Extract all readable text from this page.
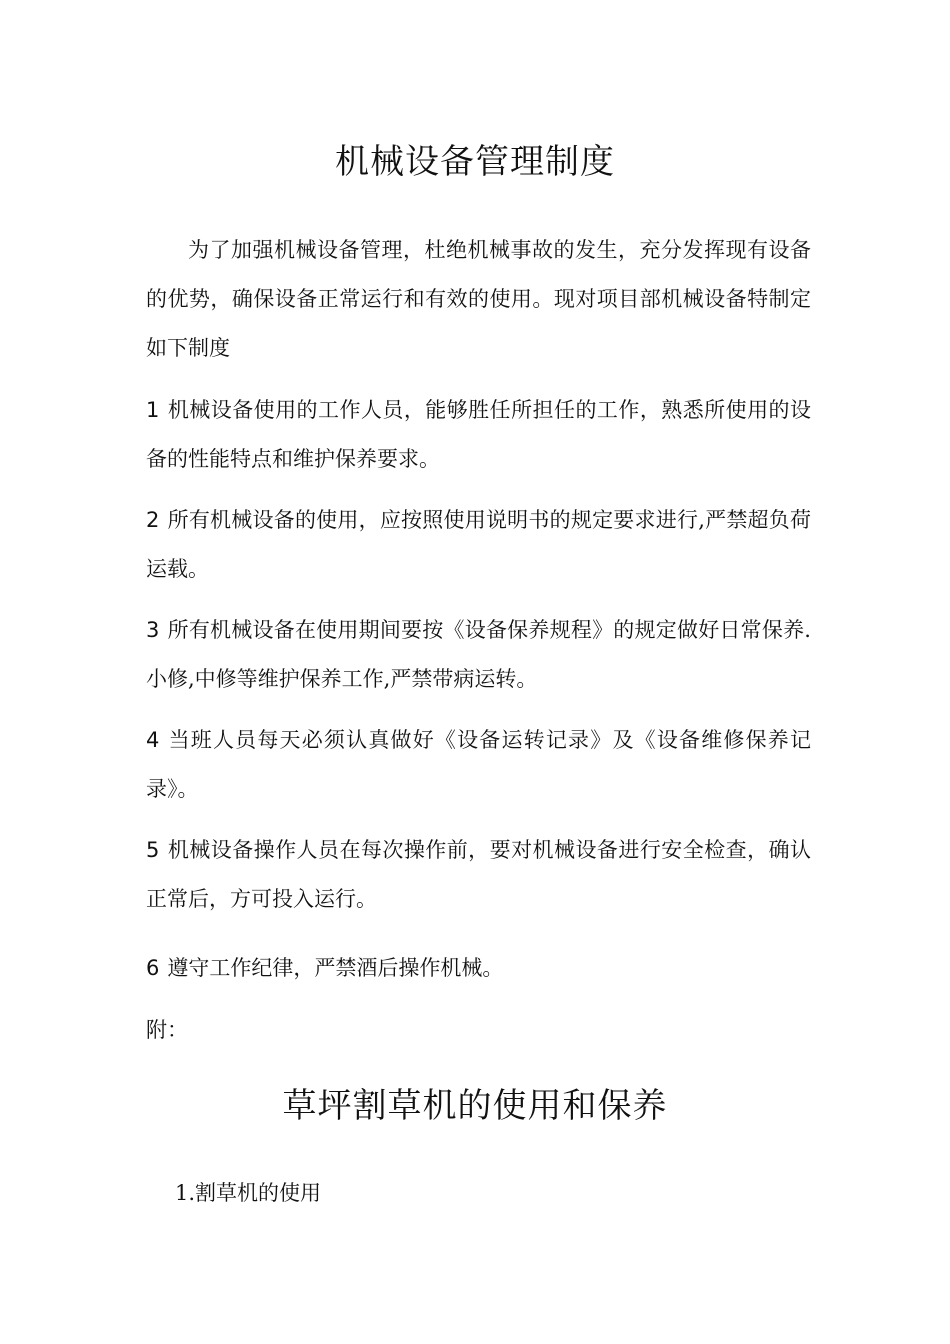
机械设备管理制度

为了加强机械设备管理，杜绝机械事故的发生，充分发挥现有设备的优势，确保设备正常运行和有效的使用。现对项目部机械设备特制定如下制度

1 机械设备使用的工作人员，能够胜任所担任的工作，熟悉所使用的设备的性能特点和维护保养要求。

2 所有机械设备的使用，应按照使用说明书的规定要求进行,严禁超负荷运载。

3 所有机械设备在使用期间要按《设备保养规程》的规定做好日常保养.小修,中修等维护保养工作,严禁带病运转。

4 当班人员每天必须认真做好《设备运转记录》及《设备维修保养记录》。

5 机械设备操作人员在每次操作前，要对机械设备进行安全检查，确认正常后，方可投入运行。

6 遵守工作纪律，严禁酒后操作机械。

附：

草坪割草机的使用和保养

1.割草机的使用
